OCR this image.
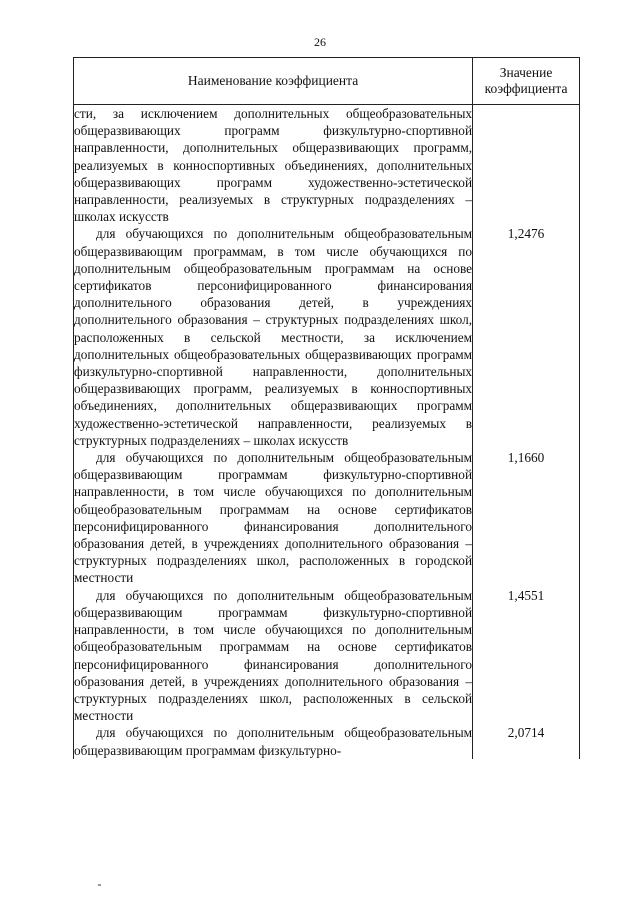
26
Наименование коэффициента	Значение
коэффициента

сти, за исключением дополнительных общеобразовательных общеразвивающих программ физкультурно-спортивной направленности, дополнительных общеразвивающих программ, реализуемых в конноспортивных объединениях, дополнительных общеразвивающих программ художественно-эстетической направленности, реализуемых в структурных подразделениях – школах искусств	

для обучающихся по дополнительным общеобразовательным общеразвивающим программам, в том числе обучающихся по дополнительным общеобразовательным программам на основе сертификатов персонифицированного финансирования дополнительного образования детей, в учреждениях дополнительного образования – структурных подразделениях школ, расположенных в сельской местности, за исключением дополнительных общеобразовательных общеразвивающих программ физкультурно-спортивной направленности, дополнительных общеразвивающих программ, реализуемых в конноспортивных объединениях, дополнительных общеразвивающих программ художественно-эстетической направленности, реализуемых в структурных подразделениях – школах искусств	1,2476

для обучающихся по дополнительным общеобразовательным общеразвивающим программам физкультурно-спортивной направленности, в том числе обучающихся по дополнительным общеобразовательным программам на основе сертификатов персонифицированного финансирования дополнительного образования детей, в учреждениях дополнительного образования – структурных подразделениях школ, расположенных в городской местности	1,1660

для обучающихся по дополнительным общеобразовательным общеразвивающим программам физкультурно-спортивной направленности, в том числе обучающихся по дополнительным общеобразовательным программам на основе сертификатов персонифицированного финансирования дополнительного образования детей, в учреждениях дополнительного образования – структурных подразделениях школ, расположенных в сельской местности	1,4551

для обучающихся по дополнительным общеобразовательным общеразвивающим программам физкультурно-	2,0714
